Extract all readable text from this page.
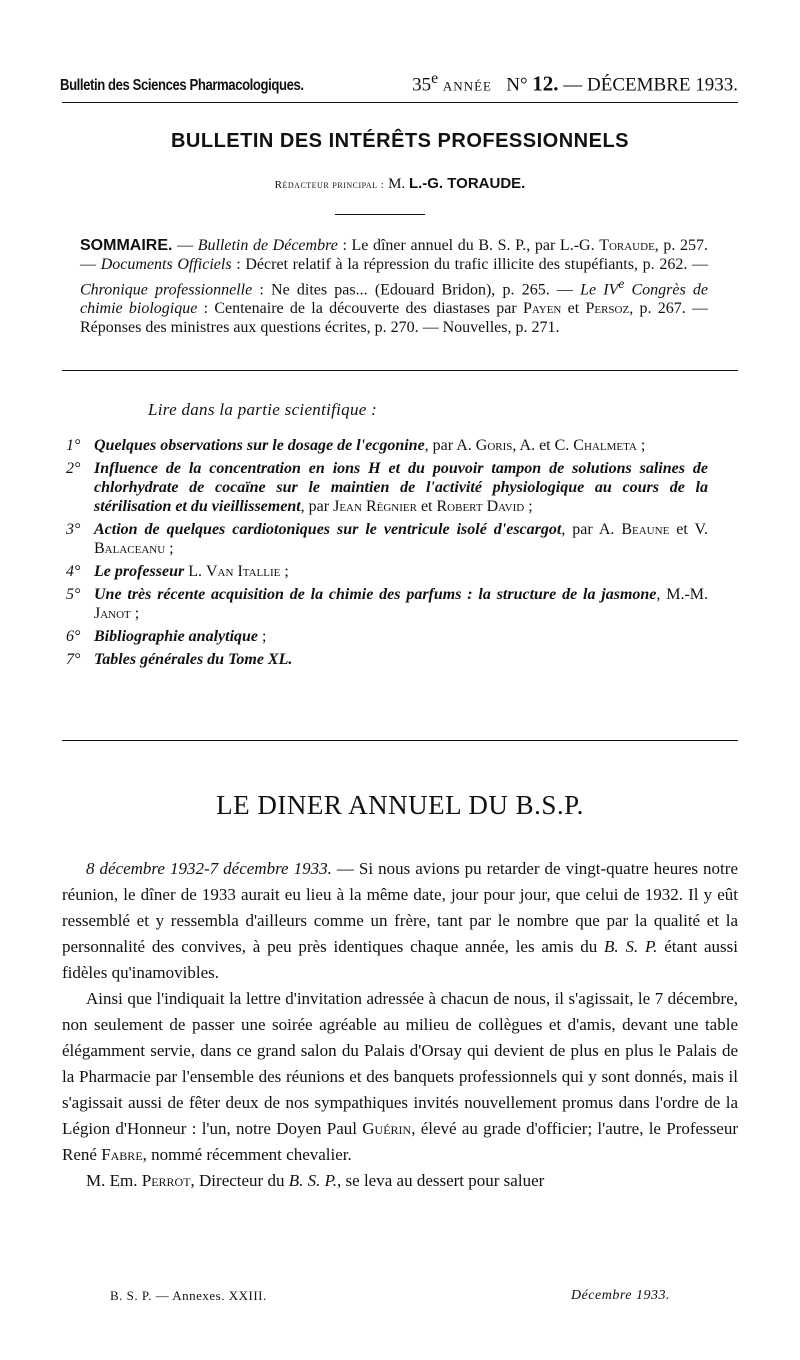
Bulletin des Sciences Pharmacologiques.	35e ANNÉE N° 12. — DÉCEMBRE 1933.
BULLETIN DES INTÉRÊTS PROFESSIONNELS
Rédacteur principal : M. L.-G. TORAUDE.
SOMMAIRE. — Bulletin de Décembre : Le dîner annuel du B. S. P., par L.-G. Toraude, p. 257. — Documents Officiels : Décret relatif à la répression du trafic illicite des stupéfiants, p. 262. — Chronique professionnelle : Ne dites pas... (Edouard Bridon), p. 265. — Le IVe Congrès de chimie biologique : Centenaire de la découverte des diastases par Payen et Persoz, p. 267. — Réponses des ministres aux questions écrites, p. 270. — Nouvelles, p. 271.
Lire dans la partie scientifique :
1° Quelques observations sur le dosage de l'ecgonine, par A. Goris, A. et C. Chalmeta ;
2° Influence de la concentration en ions H et du pouvoir tampon de solutions salines de chlorhydrate de cocaïne sur le maintien de l'activité physiologique au cours de la stérilisation et du vieillissement, par Jean Régnier et Robert David ;
3° Action de quelques cardiotoniques sur le ventricule isolé d'escargot, par A. Beaune et V. Balaceanu ;
4° Le professeur L. Van Itallie ;
5° Une très récente acquisition de la chimie des parfums : la structure de la jasmone, M.-M. Janot ;
6° Bibliographie analytique ;
7° Tables générales du Tome XL.
LE DINER ANNUEL DU B.S.P.

8 décembre 1932-7 décembre 1933. — Si nous avions pu retarder de vingt-quatre heures notre réunion, le dîner de 1933 aurait eu lieu à la même date, jour pour jour, que celui de 1932. Il y eût ressemblé et y ressembla d'ailleurs comme un frère, tant par le nombre que par la qualité et la personnalité des convives, à peu près identiques chaque année, les amis du B. S. P. étant aussi fidèles qu'inamovibles.

Ainsi que l'indiquait la lettre d'invitation adressée à chacun de nous, il s'agissait, le 7 décembre, non seulement de passer une soirée agréable au milieu de collègues et d'amis, devant une table élégamment servie, dans ce grand salon du Palais d'Orsay qui devient de plus en plus le Palais de la Pharmacie par l'ensemble des réunions et des banquets professionnels qui y sont donnés, mais il s'agissait aussi de fêter deux de nos sympathiques invités nouvellement promus dans l'ordre de la Légion d'Honneur : l'un, notre Doyen Paul Guérin, élevé au grade d'officier; l'autre, le Professeur René Fabre, nommé récemment chevalier.

M. Em. Perrot, Directeur du B. S. P., se leva au dessert pour saluer

B. S. P. — Annexes. XXIII.	Décembre 1933.
